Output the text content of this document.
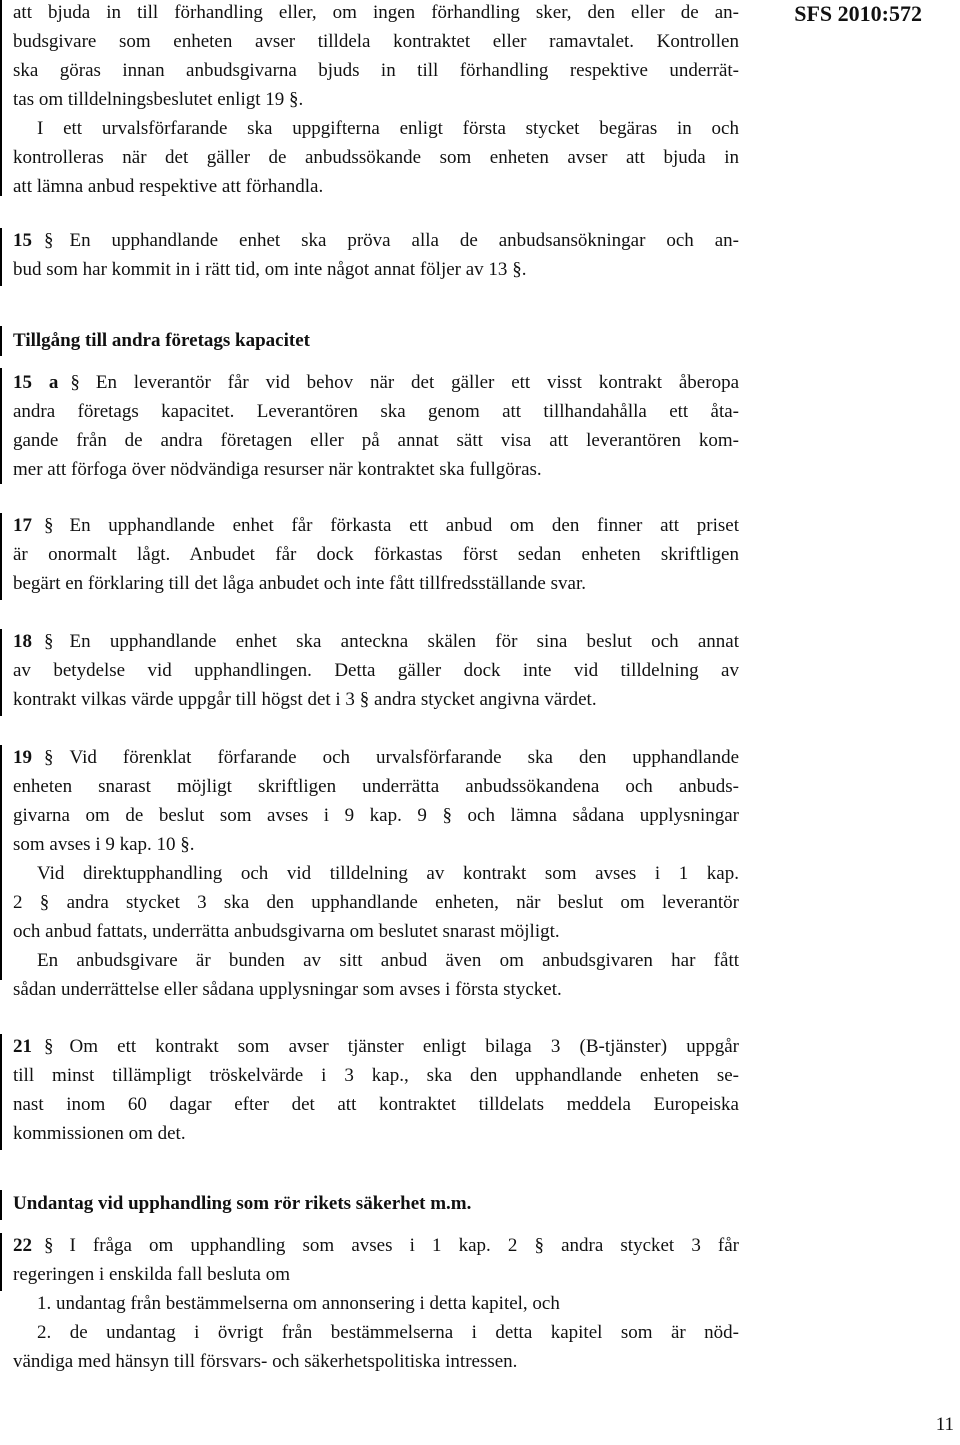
SFS 2010:572
att bjuda in till förhandling eller, om ingen förhandling sker, den eller de an-
budsgivare som enheten avser tilldela kontraktet eller ramavtalet. Kontrollen
ska göras innan anbudsgivarna bjuds in till förhandling respektive underrät-
tas om tilldelningsbeslutet enligt 19 §.
I ett urvalsförfarande ska uppgifterna enligt första stycket begäras in och
kontrolleras när det gäller de anbudssökande som enheten avser att bjuda in
att lämna anbud respektive att förhandla.
15 § En upphandlande enhet ska pröva alla de anbudsansökningar och an-
bud som har kommit in i rätt tid, om inte något annat följer av 13 §.
Tillgång till andra företags kapacitet
15 a § En leverantör får vid behov när det gäller ett visst kontrakt åberopa
andra företags kapacitet. Leverantören ska genom att tillhandahålla ett åta-
gande från de andra företagen eller på annat sätt visa att leverantören kom-
mer att förfoga över nödvändiga resurser när kontraktet ska fullgöras.
17 § En upphandlande enhet får förkasta ett anbud om den finner att priset
är onormalt lågt. Anbudet får dock förkastas först sedan enheten skriftligen
begärt en förklaring till det låga anbudet och inte fått tillfredsställande svar.
18 § En upphandlande enhet ska anteckna skälen för sina beslut och annat
av betydelse vid upphandlingen. Detta gäller dock inte vid tilldelning av
kontrakt vilkas värde uppgår till högst det i 3 § andra stycket angivna värdet.
19 § Vid förenklat förfarande och urvalsförfarande ska den upphandlande
enheten snarast möjligt skriftligen underrätta anbudssökandena och anbuds-
givarna om de beslut som avses i 9 kap. 9 § och lämna sådana upplysningar
som avses i 9 kap. 10 §.
Vid direktupphandling och vid tilldelning av kontrakt som avses i 1 kap.
2 § andra stycket 3 ska den upphandlande enheten, när beslut om leverantör
och anbud fattats, underrätta anbudsgivarna om beslutet snarast möjligt.
En anbudsgivare är bunden av sitt anbud även om anbudsgivaren har fått
sådan underrättelse eller sådana upplysningar som avses i första stycket.
21 § Om ett kontrakt som avser tjänster enligt bilaga 3 (B-tjänster) uppgår
till minst tillämpligt tröskelvärde i 3 kap., ska den upphandlande enheten se-
nast inom 60 dagar efter det att kontraktet tilldelats meddela Europeiska
kommissionen om det.
Undantag vid upphandling som rör rikets säkerhet m.m.
22 § I fråga om upphandling som avses i 1 kap. 2 § andra stycket 3 får
regeringen i enskilda fall besluta om
1. undantag från bestämmelserna om annonsering i detta kapitel, och
2. de undantag i övrigt från bestämmelserna i detta kapitel som är nöd-
vändiga med hänsyn till försvars- och säkerhetspolitiska intressen.
11
